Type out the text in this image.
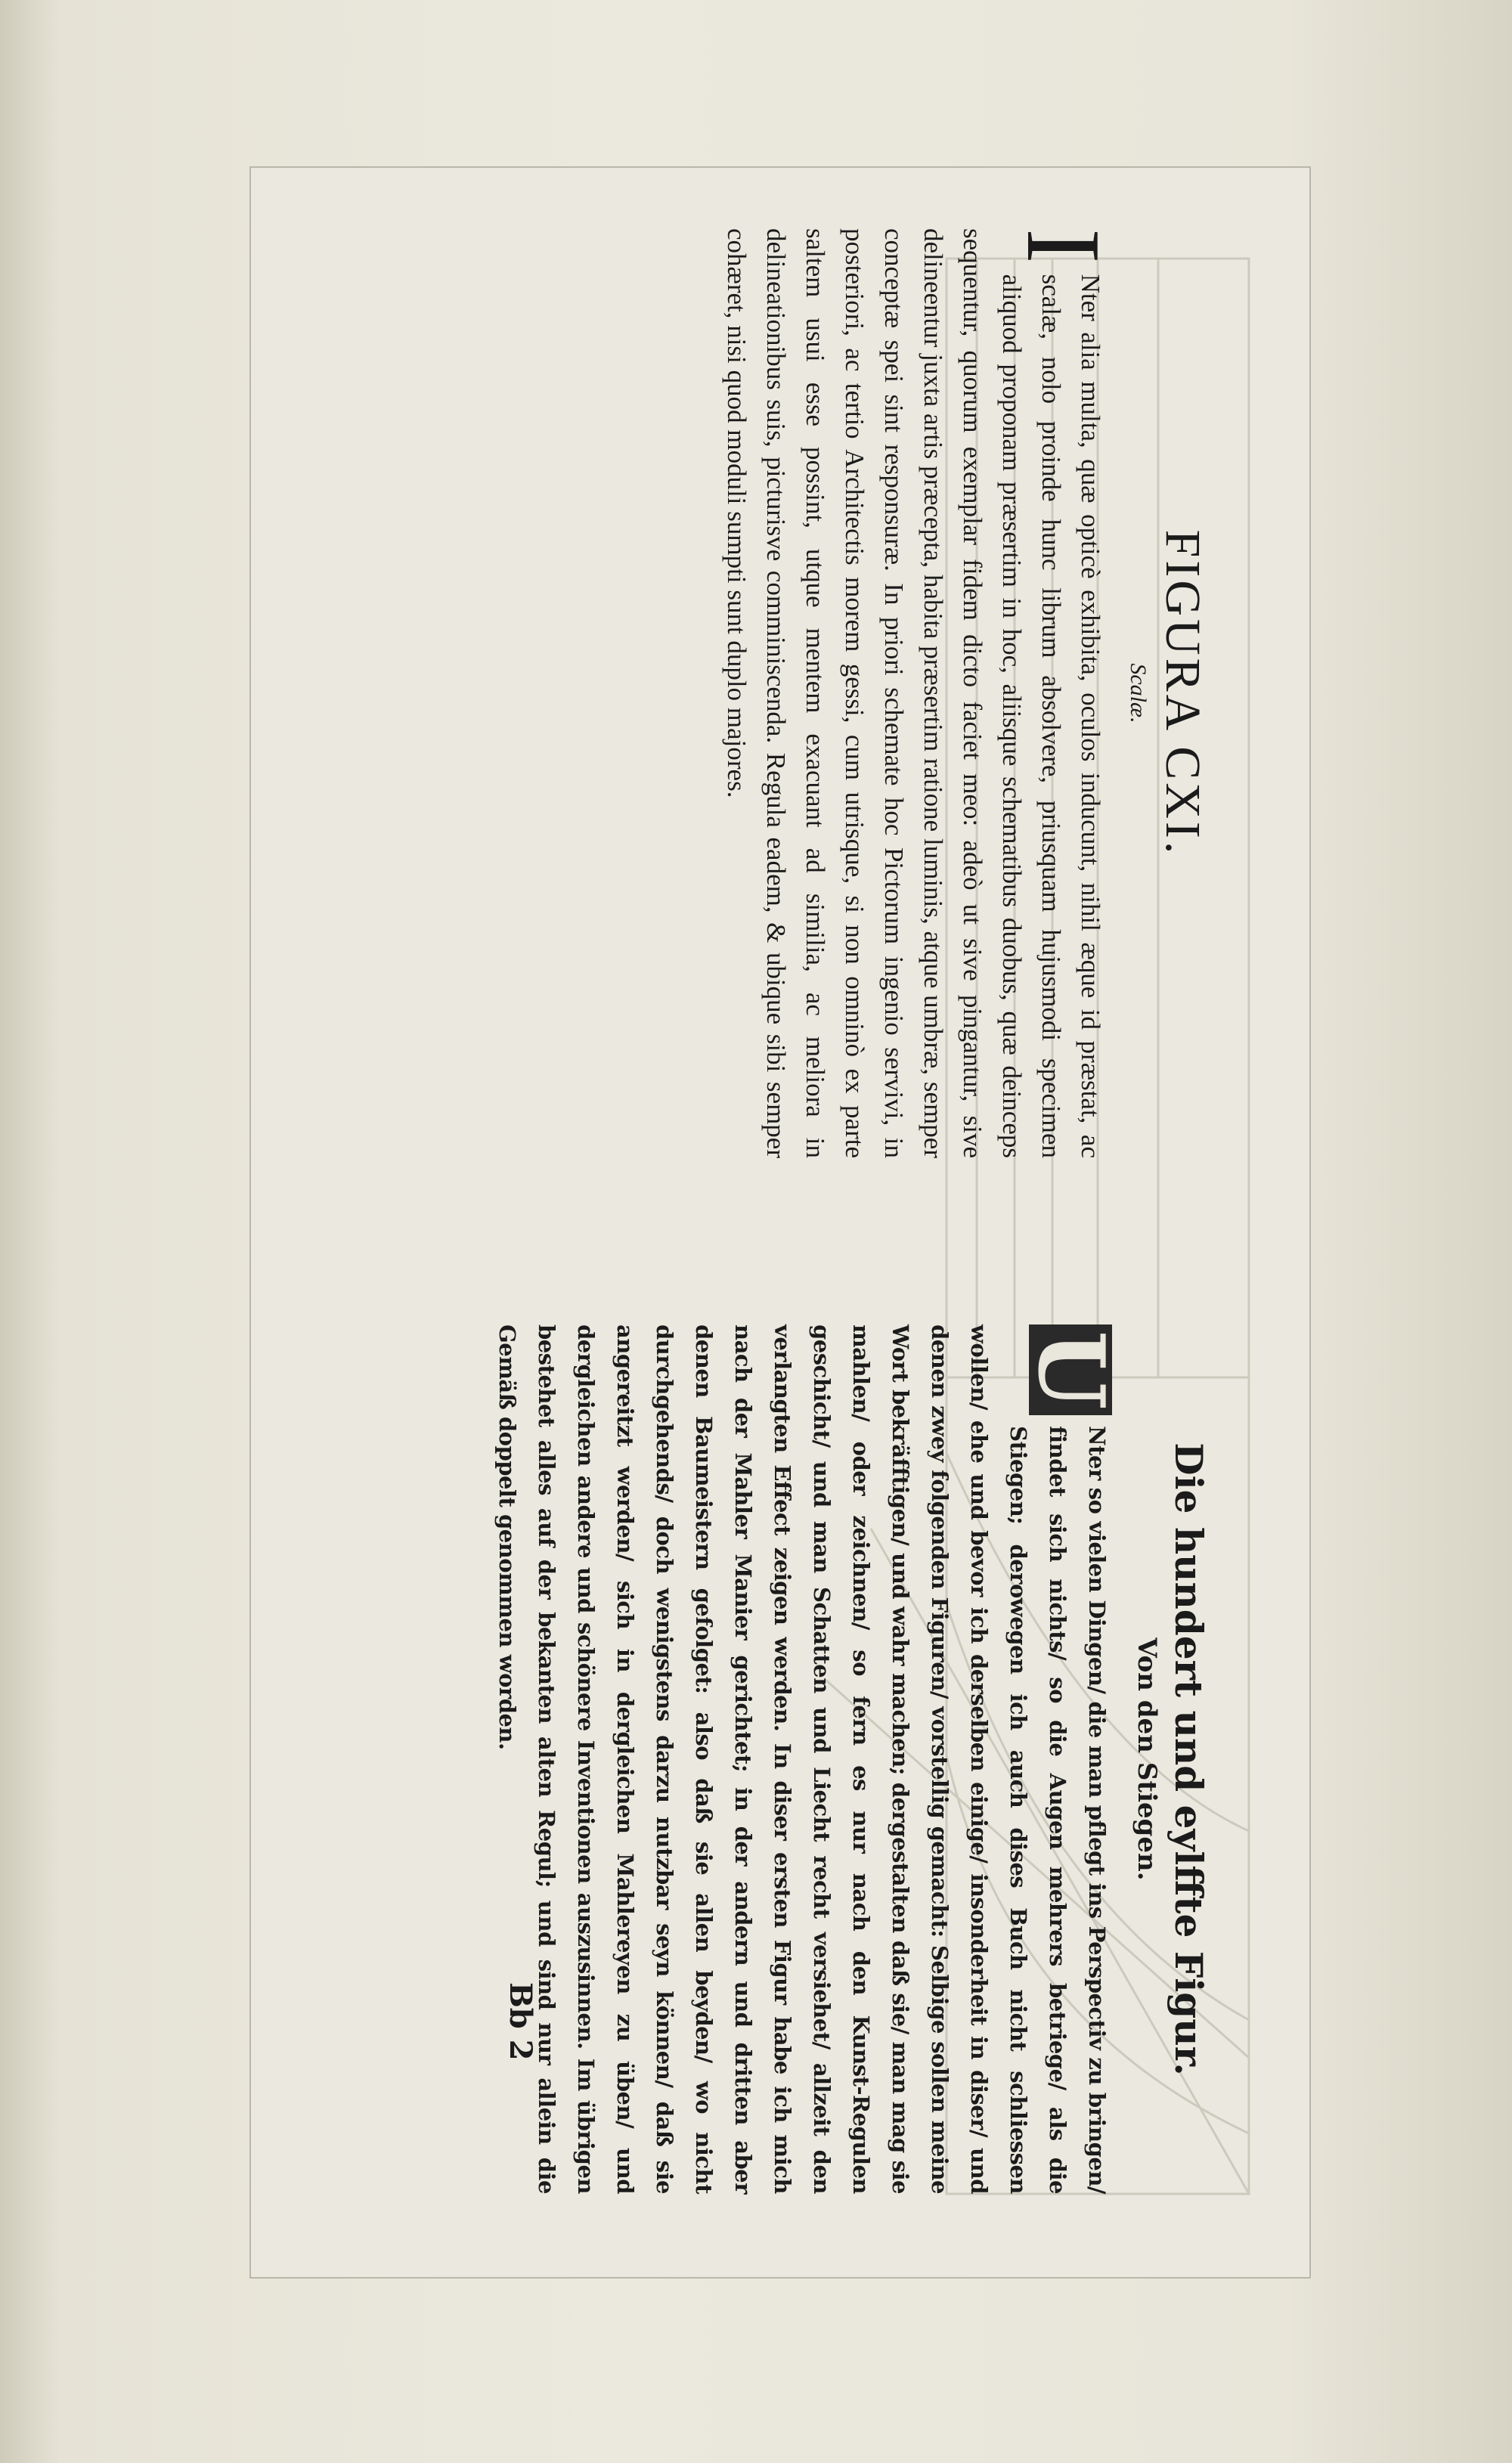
FIGURA CXI.
Scalæ.

I
Nter alia multa, quæ opticè exhibita, oculos inducunt, nihil æque id præstat, ac scalæ, nolo proinde hunc librum absolvere, priusquam hujusmodi specimen aliquod proponam præsertim in hoc, aliisque schematibus duobus, quæ deinceps sequentur, quorum exemplar fidem dicto faciet meo: adeò ut sive pingantur, sive delineentur juxta artis præcepta, habita præsertim ratione luminis, atque umbræ, semper conceptæ spei sint responsuræ. In priori schemate hoc Pictorum ingenio servivi, in posteriori, ac tertio Architectis morem gessi, cum utrisque, si non omninò ex parte saltem usui esse possint, utque mentem exacuant ad similia, ac meliora in delineationibus suis, picturisve comminiscenda. Regula eadem, & ubique sibi semper cohæret, nisi quod moduli sumpti sunt duplo majores.

Die hundert und eylffte Figur.
Von den Stiegen.

U
Nter so vielen Dingen/ die man pflegt ins Perspectiv zu bringen/ findet sich nichts/ so die Augen mehrers betriege/ als die Stiegen; derowegen ich auch dises Buch nicht schliessen wollen/ ehe und bevor ich derselben einige/ insonderheit in diser/ und denen zwey folgenden Figuren/ vorstellig gemacht: Selbige sollen meine Wort bekräfftigen/ und wahr machen; dergestalten daß sie/ man mag sie mahlen/ oder zeichnen/ so fern es nur nach den Kunst-Regulen geschicht/ und man Schatten und Liecht recht versiehet/ allzeit den verlangten Effect zeigen werden. In diser ersten Figur habe ich mich nach der Mahler Manier gerichtet; in der andern und dritten aber denen Baumeistern gefolget: also daß sie allen beyden/ wo nicht durchgehends/ doch wenigstens darzu nutzbar seyn können/ daß sie angereitzt werden/ sich in dergleichen Mahlereyen zu üben/ und dergleichen andere und schönere Inventionen auszusinnen. Im übrigen bestehet alles auf der bekanten alten Regul; und sind nur allein die Gemäß doppelt genommen worden.

Bb 2
